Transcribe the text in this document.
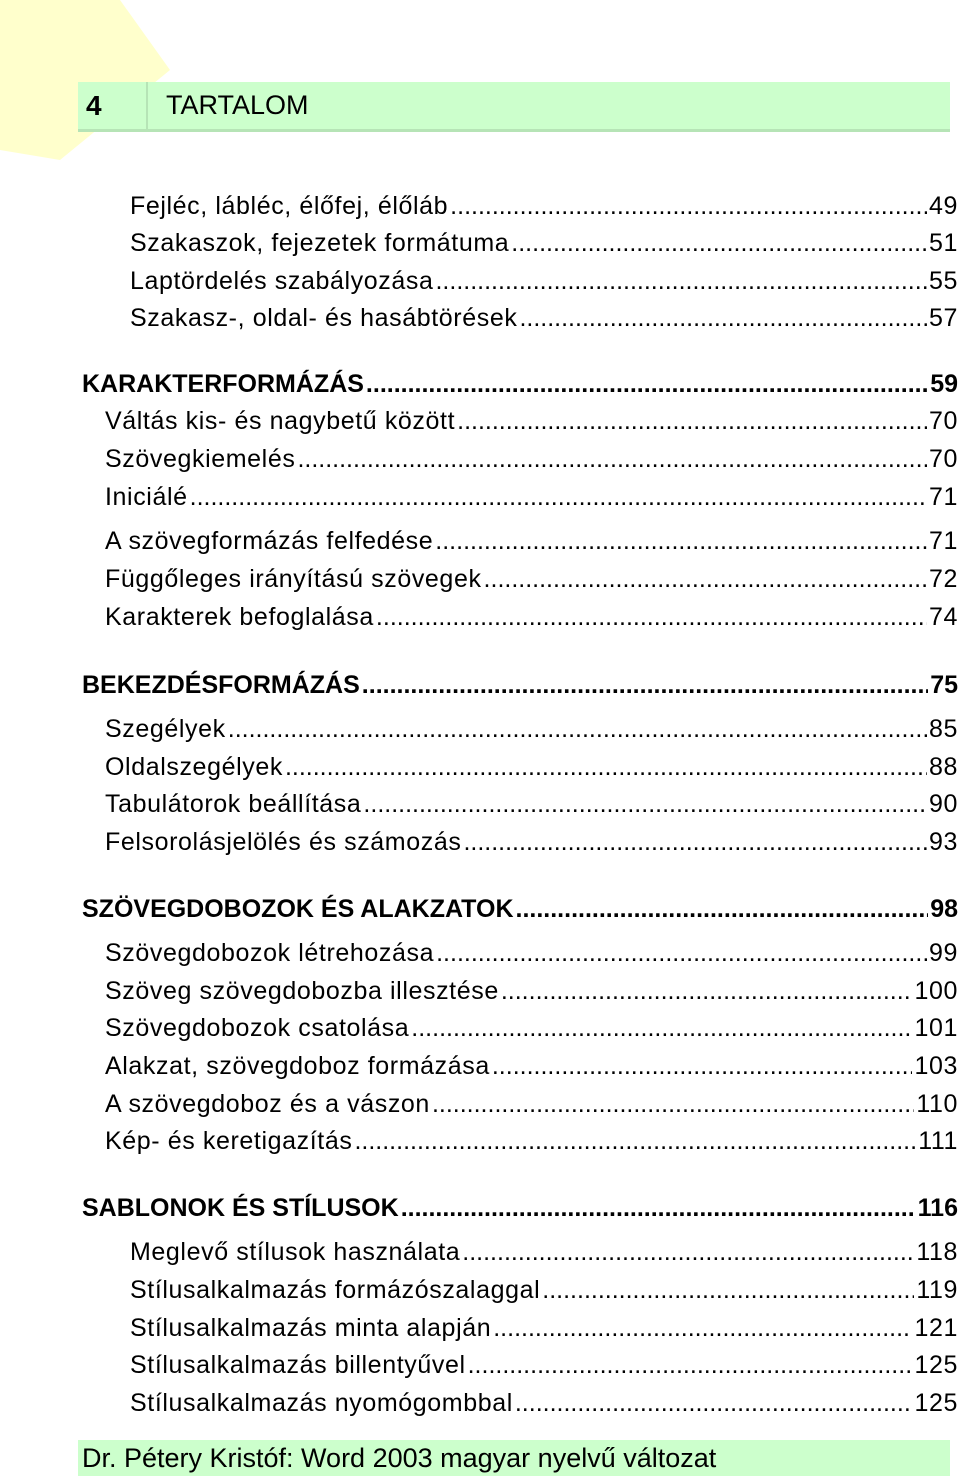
4	TARTALOM
Fejléc, lábléc, élőfej, élőláb .....	49
Szakaszok, fejezetek formátuma .....	51
Laptördelés szabályozása .....	55
Szakasz-, oldal- és hasábtörések .....	57
KARAKTERFORMÁZÁS .....	59
Váltás kis- és nagybetű között .....	70
Szövegkiemelés .....	70
Iniciálé .....	71
A szövegformázás felfedése .....	71
Függőleges irányítású szövegek .....	72
Karakterek befoglalása .....	74
BEKEZDÉSFORMÁZÁS .....	75
Szegélyek .....	85
Oldalszegélyek .....	88
Tabulátorok beállítása .....	90
Felsorolásjelölés és számozás .....	93
SZÖVEGDOBOZOK ÉS ALAKZATOK .....	98
Szövegdobozok létrehozása .....	99
Szöveg szövegdobozba illesztése .....	100
Szövegdobozok csatolása .....	101
Alakzat, szövegdoboz formázása .....	103
A szövegdoboz és a vászon .....	110
Kép- és keretigazítás .....	111
SABLONOK ÉS STÍLUSOK .....	116
Meglevő stílusok használata .....	118
Stílusalkalmazás formázószalaggal .....	119
Stílusalkalmazás minta alapján .....	121
Stílusalkalmazás billentyűvel .....	125
Stílusalkalmazás nyomógombbal .....	125
Dr. Pétery Kristóf: Word 2003 magyar nyelvű változat
